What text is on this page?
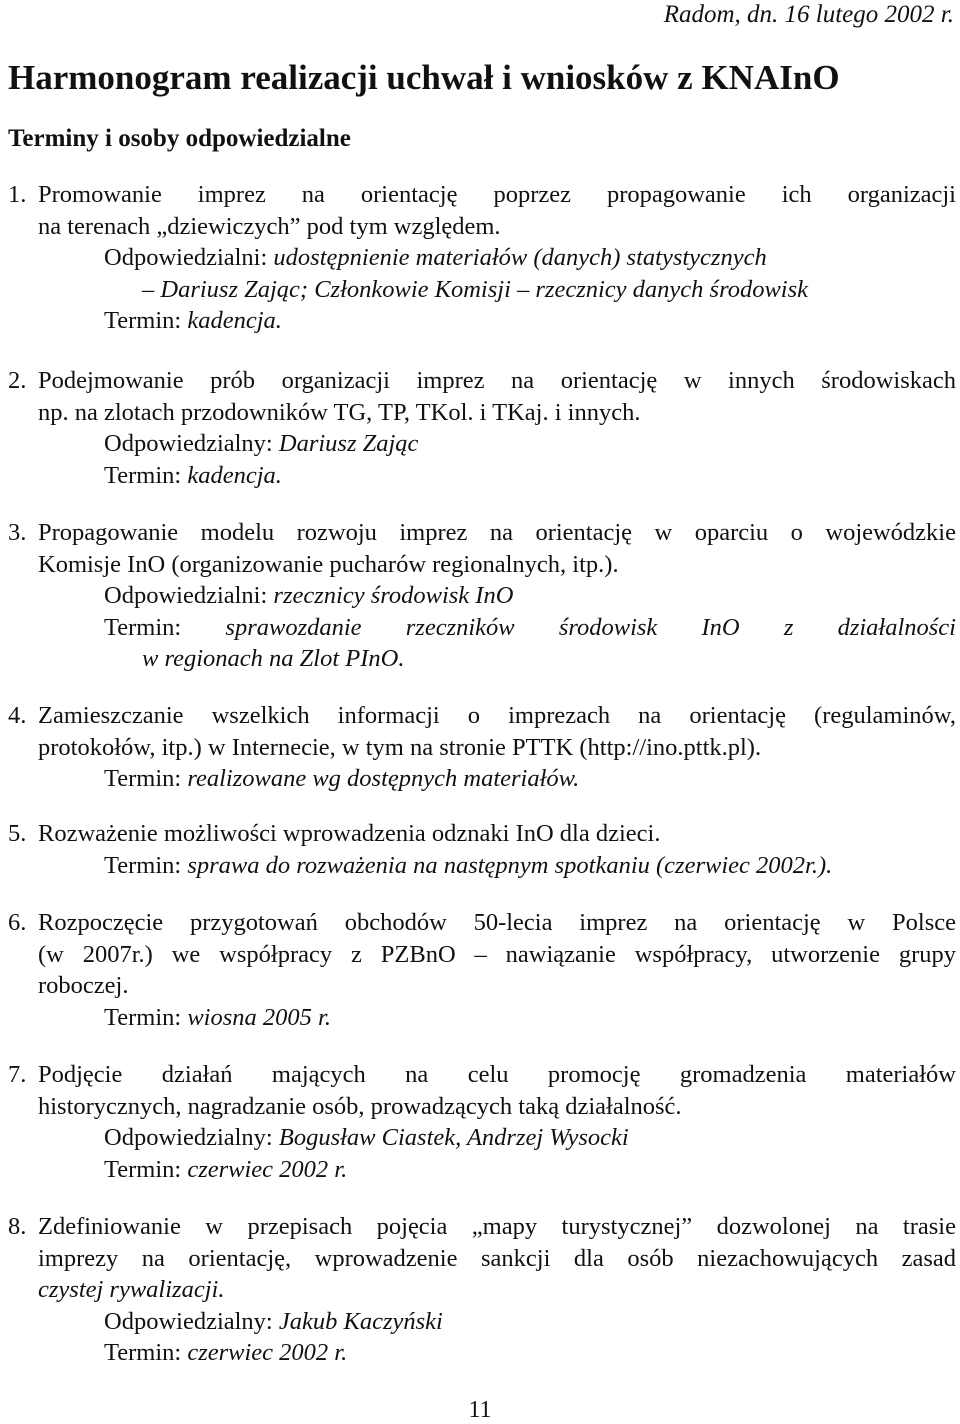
Radom, dn. 16 lutego 2002 r.
Harmonogram realizacji uchwał i wniosków z KNAInO
Terminy i osoby odpowiedzialne
1. Promowanie imprez na orientację poprzez propagowanie ich organizacji
na terenach „dziewiczych” pod tym względem.
Odpowiedzialni: udostępnienie materiałów (danych) statystycznych
– Dariusz Zając; Członkowie Komisji – rzecznicy danych środowisk
Termin: kadencja.
2. Podejmowanie prób organizacji imprez na orientację w innych środowiskach
np. na zlotach przodowników TG, TP, TKol. i TKaj. i innych.
Odpowiedzialny: Dariusz Zając
Termin: kadencja.
3. Propagowanie modelu rozwoju imprez na orientację w oparciu o wojewódzkie
Komisje InO (organizowanie pucharów regionalnych, itp.).
Odpowiedzialni: rzecznicy środowisk InO
Termin: sprawozdanie rzeczników środowisk InO z działalności
w regionach na Zlot PInO.
4. Zamieszczanie wszelkich informacji o imprezach na orientację (regulaminów,
protokołów, itp.) w Internecie, w tym na stronie PTTK (http://ino.pttk.pl).
Termin: realizowane wg dostępnych materiałów.
5. Rozważenie możliwości wprowadzenia odznaki InO dla dzieci.
Termin: sprawa do rozważenia na następnym spotkaniu (czerwiec 2002r.).
6. Rozpoczęcie przygotowań obchodów 50-lecia imprez na orientację w Polsce
(w 2007r.) we współpracy z PZBnO – nawiązanie współpracy, utworzenie grupy
roboczej.
Termin: wiosna 2005 r.
7. Podjęcie działań mających na celu promocję gromadzenia materiałów
historycznych, nagradzanie osób, prowadzących taką działalność.
Odpowiedzialny: Bogusław Ciastek, Andrzej Wysocki
Termin: czerwiec 2002 r.
8. Zdefiniowanie w przepisach pojęcia „mapy turystycznej” dozwolonej na trasie
imprezy na orientację, wprowadzenie sankcji dla osób niezachowujących zasad
czystej rywalizacji.
Odpowiedzialny: Jakub Kaczyński
Termin: czerwiec 2002 r.
11
